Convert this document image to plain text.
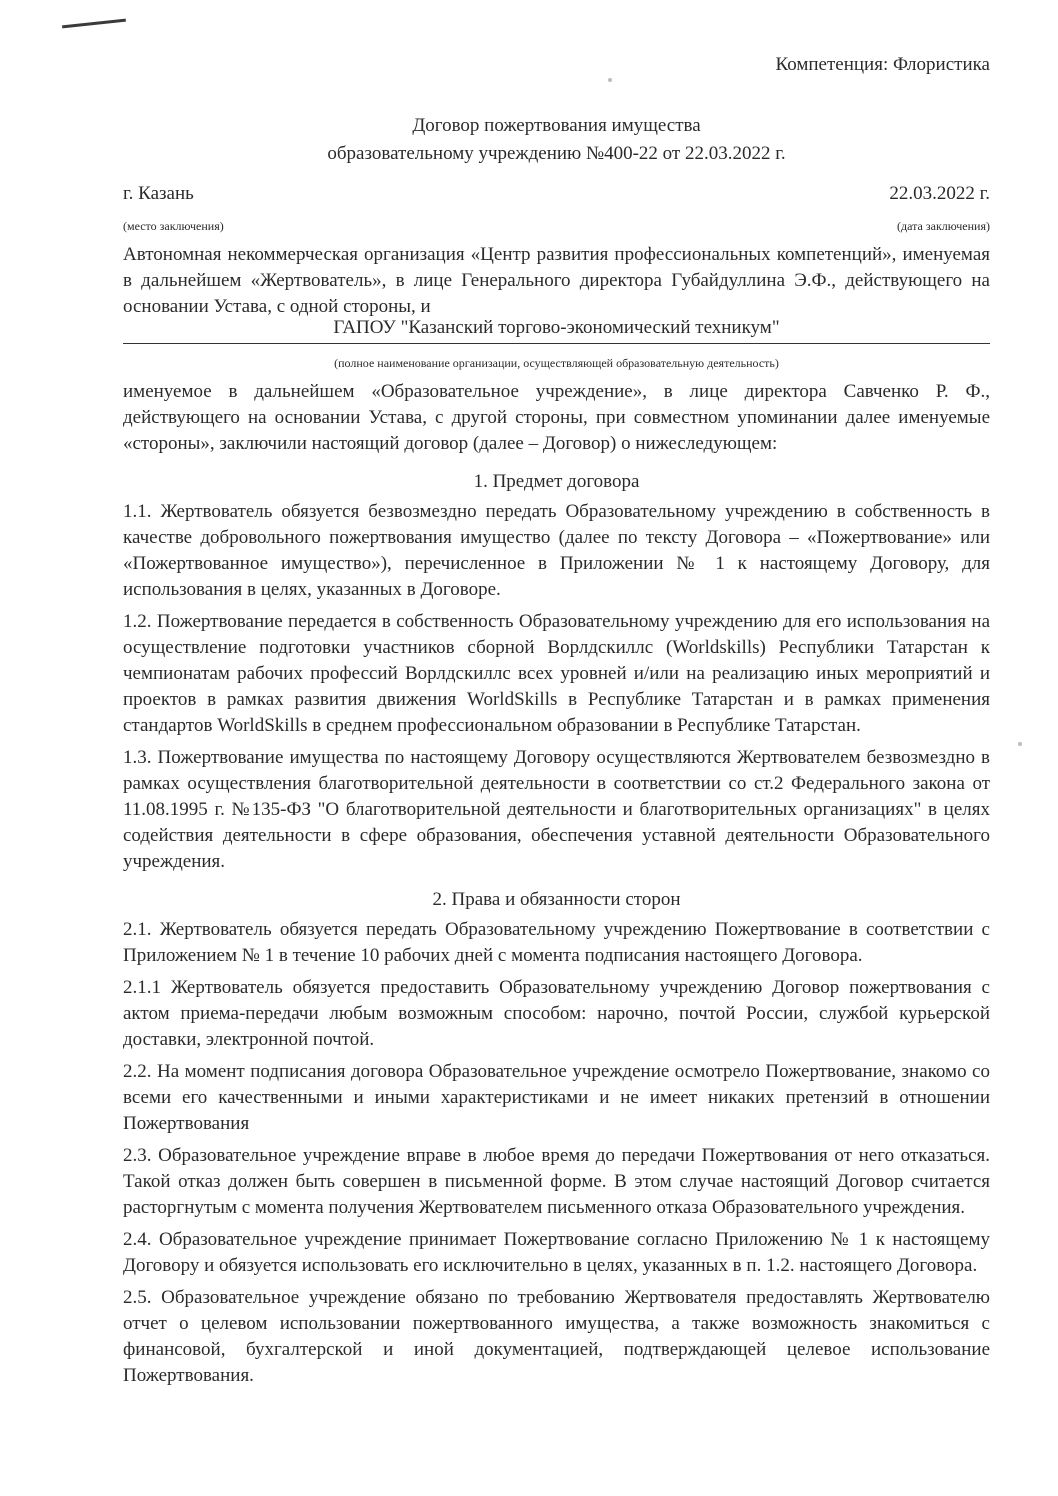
Компетенция: Флористика
Договор пожертвования имущества
образовательному учреждению №400-22 от 22.03.2022 г.
г. Казань	22.03.2022 г.
(место заключения)	(дата заключения)
Автономная некоммерческая организация «Центр развития профессиональных компетенций», именуемая в дальнейшем «Жертвователь», в лице Генерального директора Губайдуллина Э.Ф., действующего на основании Устава, с одной стороны, и
ГАПОУ "Казанский торгово-экономический техникум"
(полное наименование организации, осуществляющей образовательную деятельность)

именуемое в дальнейшем «Образовательное учреждение», в лице директора Савченко Р. Ф., действующего на основании Устава, с другой стороны, при совместном упоминании далее именуемые «стороны», заключили настоящий договор (далее – Договор) о нижеследующем:

1. Предмет договора

1.1. Жертвователь обязуется безвозмездно передать Образовательному учреждению в собственность в качестве добровольного пожертвования имущество (далее по тексту Договора – «Пожертвование» или «Пожертвованное имущество»), перечисленное в Приложении № 1 к настоящему Договору, для использования в целях, указанных в Договоре.

1.2. Пожертвование передается в собственность Образовательному учреждению для его использования на осуществление подготовки участников сборной Ворлдскиллс (Worldskills) Республики Татарстан к чемпионатам рабочих профессий Ворлдскиллс всех уровней и/или на реализацию иных мероприятий и проектов в рамках развития движения WorldSkills в Республике Татарстан и в рамках применения стандартов WorldSkills в среднем профессиональном образовании в Республике Татарстан.

1.3. Пожертвование имущества по настоящему Договору осуществляются Жертвователем безвозмездно в рамках осуществления благотворительной деятельности в соответствии со ст.2 Федерального закона от 11.08.1995 г. №135-ФЗ "О благотворительной деятельности и благотворительных организациях" в целях содействия деятельности в сфере образования, обеспечения уставной деятельности Образовательного учреждения.

2. Права и обязанности сторон

2.1. Жертвователь обязуется передать Образовательному учреждению Пожертвование в соответствии с Приложением № 1 в течение 10 рабочих дней с момента подписания настоящего Договора.

2.1.1 Жертвователь обязуется предоставить Образовательному учреждению Договор пожертвования с актом приема-передачи любым возможным способом: нарочно, почтой России, службой курьерской доставки, электронной почтой.

2.2. На момент подписания договора Образовательное учреждение осмотрело Пожертвование, знакомо со всеми его качественными и иными характеристиками и не имеет никаких претензий в отношении Пожертвования

2.3. Образовательное учреждение вправе в любое время до передачи Пожертвования от него отказаться. Такой отказ должен быть совершен в письменной форме. В этом случае настоящий Договор считается расторгнутым с момента получения Жертвователем письменного отказа Образовательного учреждения.

2.4. Образовательное учреждение принимает Пожертвование согласно Приложению № 1 к настоящему Договору и обязуется использовать его исключительно в целях, указанных в п. 1.2. настоящего Договора.

2.5. Образовательное учреждение обязано по требованию Жертвователя предоставлять Жертвователю отчет о целевом использовании пожертвованного имущества, а также возможность знакомиться с финансовой, бухгалтерской и иной документацией, подтверждающей целевое использование Пожертвования.
